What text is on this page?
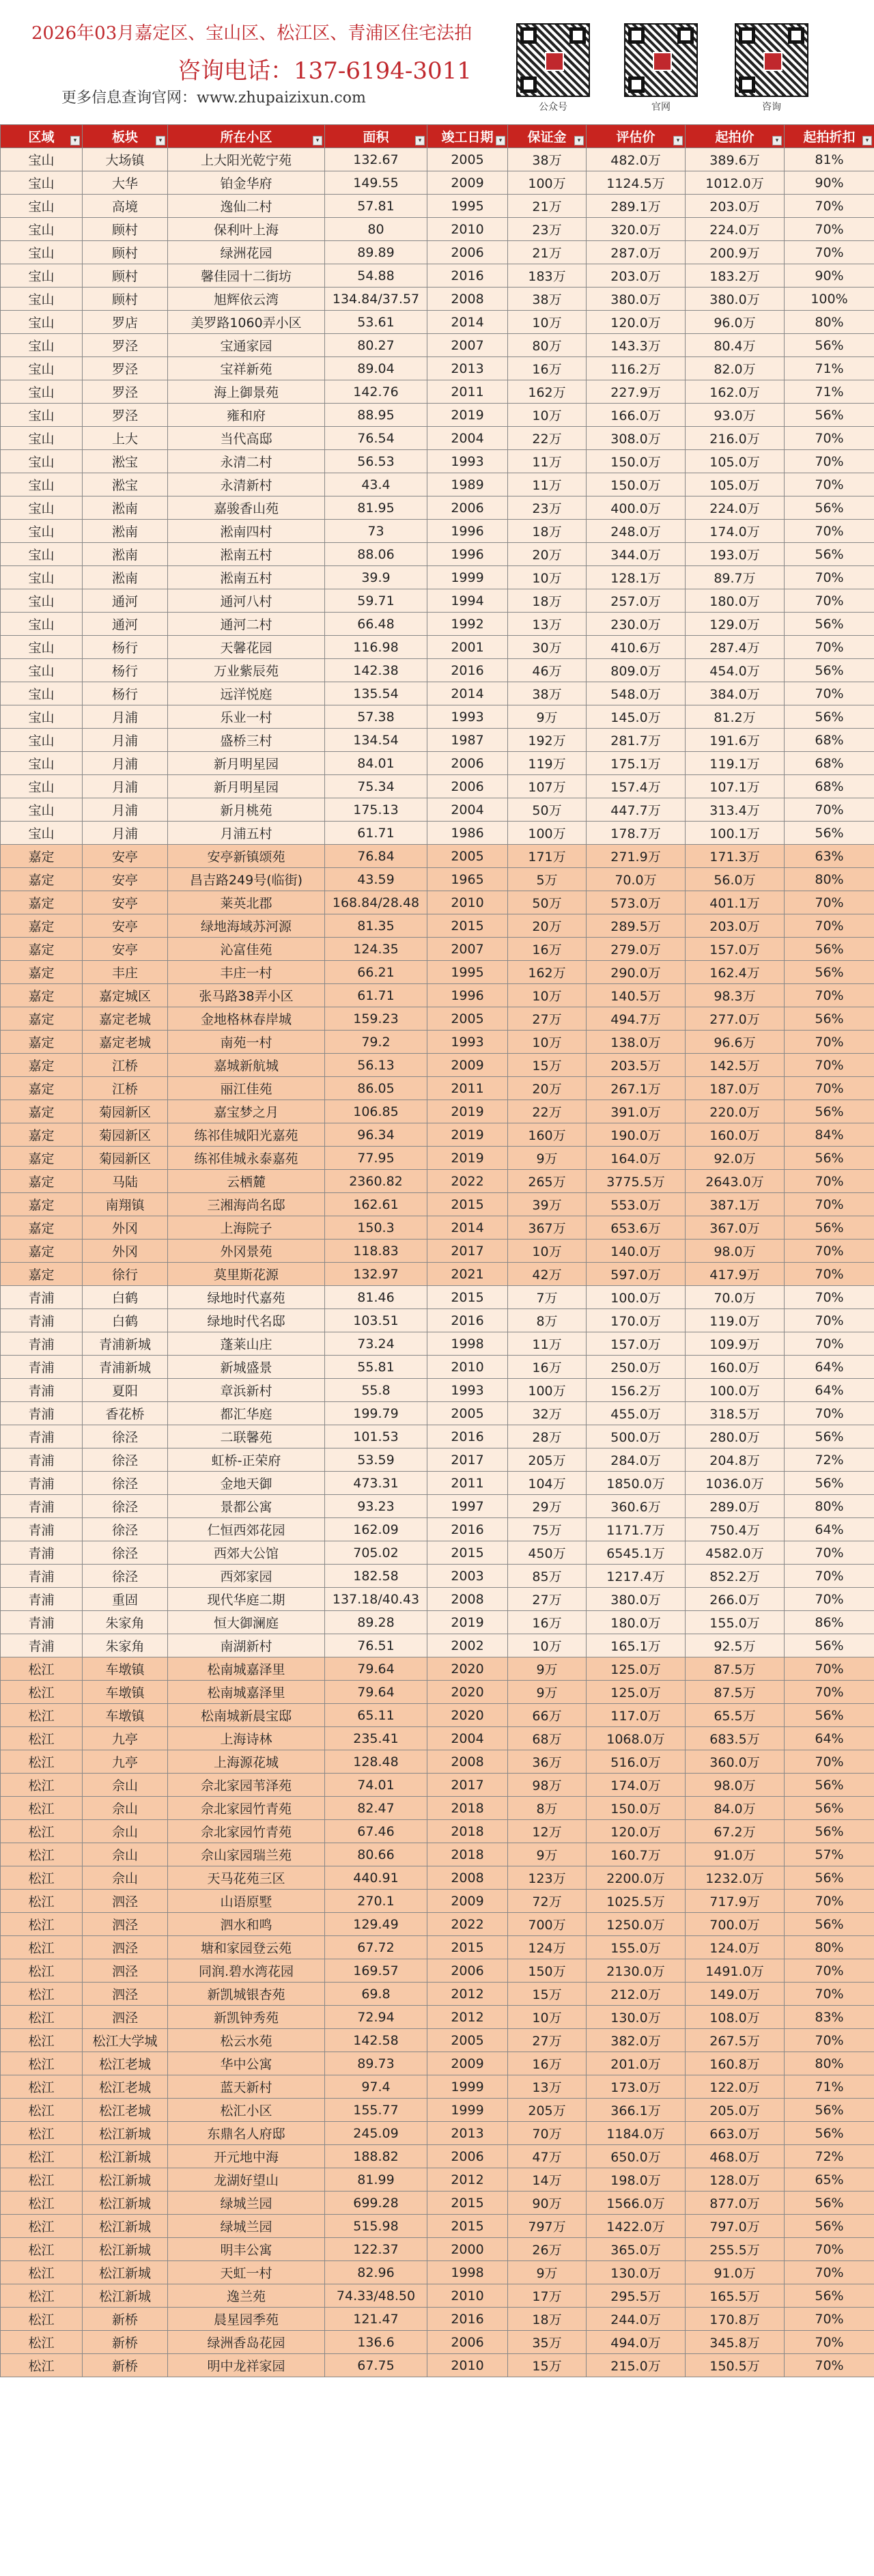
2026年03月嘉定区、宝山区、松江区、青浦区住宅法拍
咨询电话：137-6194-3011
更多信息查询官网：www.zhupaizixun.com
公众号	官网	咨询
区域 ▾	板块 ▾	所在小区 ▾	面积 ▾	竣工日期 ▾	保证金 ▾	评估价 ▾	起拍价 ▾	起拍折扣 ▾

宝山	大场镇	上大阳光乾宁苑	132.67	2005	38万	482.0万	389.6万	81%
宝山	大华	铂金华府	149.55	2009	100万	1124.5万	1012.0万	90%
宝山	高境	逸仙二村	57.81	1995	21万	289.1万	203.0万	70%
宝山	顾村	保利叶上海	80	2010	23万	320.0万	224.0万	70%
宝山	顾村	绿洲花园	89.89	2006	21万	287.0万	200.9万	70%
宝山	顾村	馨佳园十二街坊	54.88	2016	183万	203.0万	183.2万	90%
宝山	顾村	旭辉依云湾	134.84/37.57	2008	38万	380.0万	380.0万	100%
宝山	罗店	美罗路1060弄小区	53.61	2014	10万	120.0万	96.0万	80%
宝山	罗泾	宝通家园	80.27	2007	80万	143.3万	80.4万	56%
宝山	罗泾	宝祥新苑	89.04	2013	16万	116.2万	82.0万	71%
宝山	罗泾	海上御景苑	142.76	2011	162万	227.9万	162.0万	71%
宝山	罗泾	雍和府	88.95	2019	10万	166.0万	93.0万	56%
宝山	上大	当代高邸	76.54	2004	22万	308.0万	216.0万	70%
宝山	淞宝	永清二村	56.53	1993	11万	150.0万	105.0万	70%
宝山	淞宝	永清新村	43.4	1989	11万	150.0万	105.0万	70%
宝山	淞南	嘉骏香山苑	81.95	2006	23万	400.0万	224.0万	56%
宝山	淞南	淞南四村	73	1996	18万	248.0万	174.0万	70%
宝山	淞南	淞南五村	88.06	1996	20万	344.0万	193.0万	56%
宝山	淞南	淞南五村	39.9	1999	10万	128.1万	89.7万	70%
宝山	通河	通河八村	59.71	1994	18万	257.0万	180.0万	70%
宝山	通河	通河二村	66.48	1992	13万	230.0万	129.0万	56%
宝山	杨行	天馨花园	116.98	2001	30万	410.6万	287.4万	70%
宝山	杨行	万业紫辰苑	142.38	2016	46万	809.0万	454.0万	56%
宝山	杨行	远洋悦庭	135.54	2014	38万	548.0万	384.0万	70%
宝山	月浦	乐业一村	57.38	1993	9万	145.0万	81.2万	56%
宝山	月浦	盛桥三村	134.54	1987	192万	281.7万	191.6万	68%
宝山	月浦	新月明星园	84.01	2006	119万	175.1万	119.1万	68%
宝山	月浦	新月明星园	75.34	2006	107万	157.4万	107.1万	68%
宝山	月浦	新月桃苑	175.13	2004	50万	447.7万	313.4万	70%
宝山	月浦	月浦五村	61.71	1986	100万	178.7万	100.1万	56%
嘉定	安亭	安亭新镇颂苑	76.84	2005	171万	271.9万	171.3万	63%
嘉定	安亭	昌吉路249号(临街)	43.59	1965	5万	70.0万	56.0万	80%
嘉定	安亭	莱英北郡	168.84/28.48	2010	50万	573.0万	401.1万	70%
嘉定	安亭	绿地海域苏河源	81.35	2015	20万	289.5万	203.0万	70%
嘉定	安亭	沁富佳苑	124.35	2007	16万	279.0万	157.0万	56%
嘉定	丰庄	丰庄一村	66.21	1995	162万	290.0万	162.4万	56%
嘉定	嘉定城区	张马路38弄小区	61.71	1996	10万	140.5万	98.3万	70%
嘉定	嘉定老城	金地格林春岸城	159.23	2005	27万	494.7万	277.0万	56%
嘉定	嘉定老城	南苑一村	79.2	1993	10万	138.0万	96.6万	70%
嘉定	江桥	嘉城新航城	56.13	2009	15万	203.5万	142.5万	70%
嘉定	江桥	丽江佳苑	86.05	2011	20万	267.1万	187.0万	70%
嘉定	菊园新区	嘉宝梦之月	106.85	2019	22万	391.0万	220.0万	56%
嘉定	菊园新区	练祁佳城阳光嘉苑	96.34	2019	160万	190.0万	160.0万	84%
嘉定	菊园新区	练祁佳城永泰嘉苑	77.95	2019	9万	164.0万	92.0万	56%
嘉定	马陆	云栖麓	2360.82	2022	265万	3775.5万	2643.0万	70%
嘉定	南翔镇	三湘海尚名邸	162.61	2015	39万	553.0万	387.1万	70%
嘉定	外冈	上海院子	150.3	2014	367万	653.6万	367.0万	56%
嘉定	外冈	外冈景苑	118.83	2017	10万	140.0万	98.0万	70%
嘉定	徐行	莫里斯花源	132.97	2021	42万	597.0万	417.9万	70%
青浦	白鹤	绿地时代嘉苑	81.46	2015	7万	100.0万	70.0万	70%
青浦	白鹤	绿地时代名邸	103.51	2016	8万	170.0万	119.0万	70%
青浦	青浦新城	蓬莱山庄	73.24	1998	11万	157.0万	109.9万	70%
青浦	青浦新城	新城盛景	55.81	2010	16万	250.0万	160.0万	64%
青浦	夏阳	章浜新村	55.8	1993	100万	156.2万	100.0万	64%
青浦	香花桥	都汇华庭	199.79	2005	32万	455.0万	318.5万	70%
青浦	徐泾	二联馨苑	101.53	2016	28万	500.0万	280.0万	56%
青浦	徐泾	虹桥-正荣府	53.59	2017	205万	284.0万	204.8万	72%
青浦	徐泾	金地天御	473.31	2011	104万	1850.0万	1036.0万	56%
青浦	徐泾	景都公寓	93.23	1997	29万	360.6万	289.0万	80%
青浦	徐泾	仁恒西郊花园	162.09	2016	75万	1171.7万	750.4万	64%
青浦	徐泾	西郊大公馆	705.02	2015	450万	6545.1万	4582.0万	70%
青浦	徐泾	西郊家园	182.58	2003	85万	1217.4万	852.2万	70%
青浦	重固	现代华庭二期	137.18/40.43	2008	27万	380.0万	266.0万	70%
青浦	朱家角	恒大御澜庭	89.28	2019	16万	180.0万	155.0万	86%
青浦	朱家角	南湖新村	76.51	2002	10万	165.1万	92.5万	56%
松江	车墩镇	松南城嘉泽里	79.64	2020	9万	125.0万	87.5万	70%
松江	车墩镇	松南城嘉泽里	79.64	2020	9万	125.0万	87.5万	70%
松江	车墩镇	松南城新晨宝邸	65.11	2020	66万	117.0万	65.5万	56%
松江	九亭	上海诗林	235.41	2004	68万	1068.0万	683.5万	64%
松江	九亭	上海源花城	128.48	2008	36万	516.0万	360.0万	70%
松江	佘山	佘北家园苇泽苑	74.01	2017	98万	174.0万	98.0万	56%
松江	佘山	佘北家园竹青苑	82.47	2018	8万	150.0万	84.0万	56%
松江	佘山	佘北家园竹青苑	67.46	2018	12万	120.0万	67.2万	56%
松江	佘山	佘山家园瑞兰苑	80.66	2018	9万	160.7万	91.0万	57%
松江	佘山	天马花苑三区	440.91	2008	123万	2200.0万	1232.0万	56%
松江	泗泾	山语原墅	270.1	2009	72万	1025.5万	717.9万	70%
松江	泗泾	泗水和鸣	129.49	2022	700万	1250.0万	700.0万	56%
松江	泗泾	塘和家园登云苑	67.72	2015	124万	155.0万	124.0万	80%
松江	泗泾	同润.碧水湾花园	169.57	2006	150万	2130.0万	1491.0万	70%
松江	泗泾	新凯城银杏苑	69.8	2012	15万	212.0万	149.0万	70%
松江	泗泾	新凯钟秀苑	72.94	2012	10万	130.0万	108.0万	83%
松江	松江大学城	松云水苑	142.58	2005	27万	382.0万	267.5万	70%
松江	松江老城	华中公寓	89.73	2009	16万	201.0万	160.8万	80%
松江	松江老城	蓝天新村	97.4	1999	13万	173.0万	122.0万	71%
松江	松江老城	松汇小区	155.77	1999	205万	366.1万	205.0万	56%
松江	松江新城	东鼎名人府邸	245.09	2013	70万	1184.0万	663.0万	56%
松江	松江新城	开元地中海	188.82	2006	47万	650.0万	468.0万	72%
松江	松江新城	龙湖好望山	81.99	2012	14万	198.0万	128.0万	65%
松江	松江新城	绿城兰园	699.28	2015	90万	1566.0万	877.0万	56%
松江	松江新城	绿城兰园	515.98	2015	797万	1422.0万	797.0万	56%
松江	松江新城	明丰公寓	122.37	2000	26万	365.0万	255.5万	70%
松江	松江新城	天虹一村	82.96	1998	9万	130.0万	91.0万	70%
松江	松江新城	逸兰苑	74.33/48.50	2010	17万	295.5万	165.5万	56%
松江	新桥	晨星园季苑	121.47	2016	18万	244.0万	170.8万	70%
松江	新桥	绿洲香岛花园	136.6	2006	35万	494.0万	345.8万	70%
松江	新桥	明中龙祥家园	67.75	2010	15万	215.0万	150.5万	70%
